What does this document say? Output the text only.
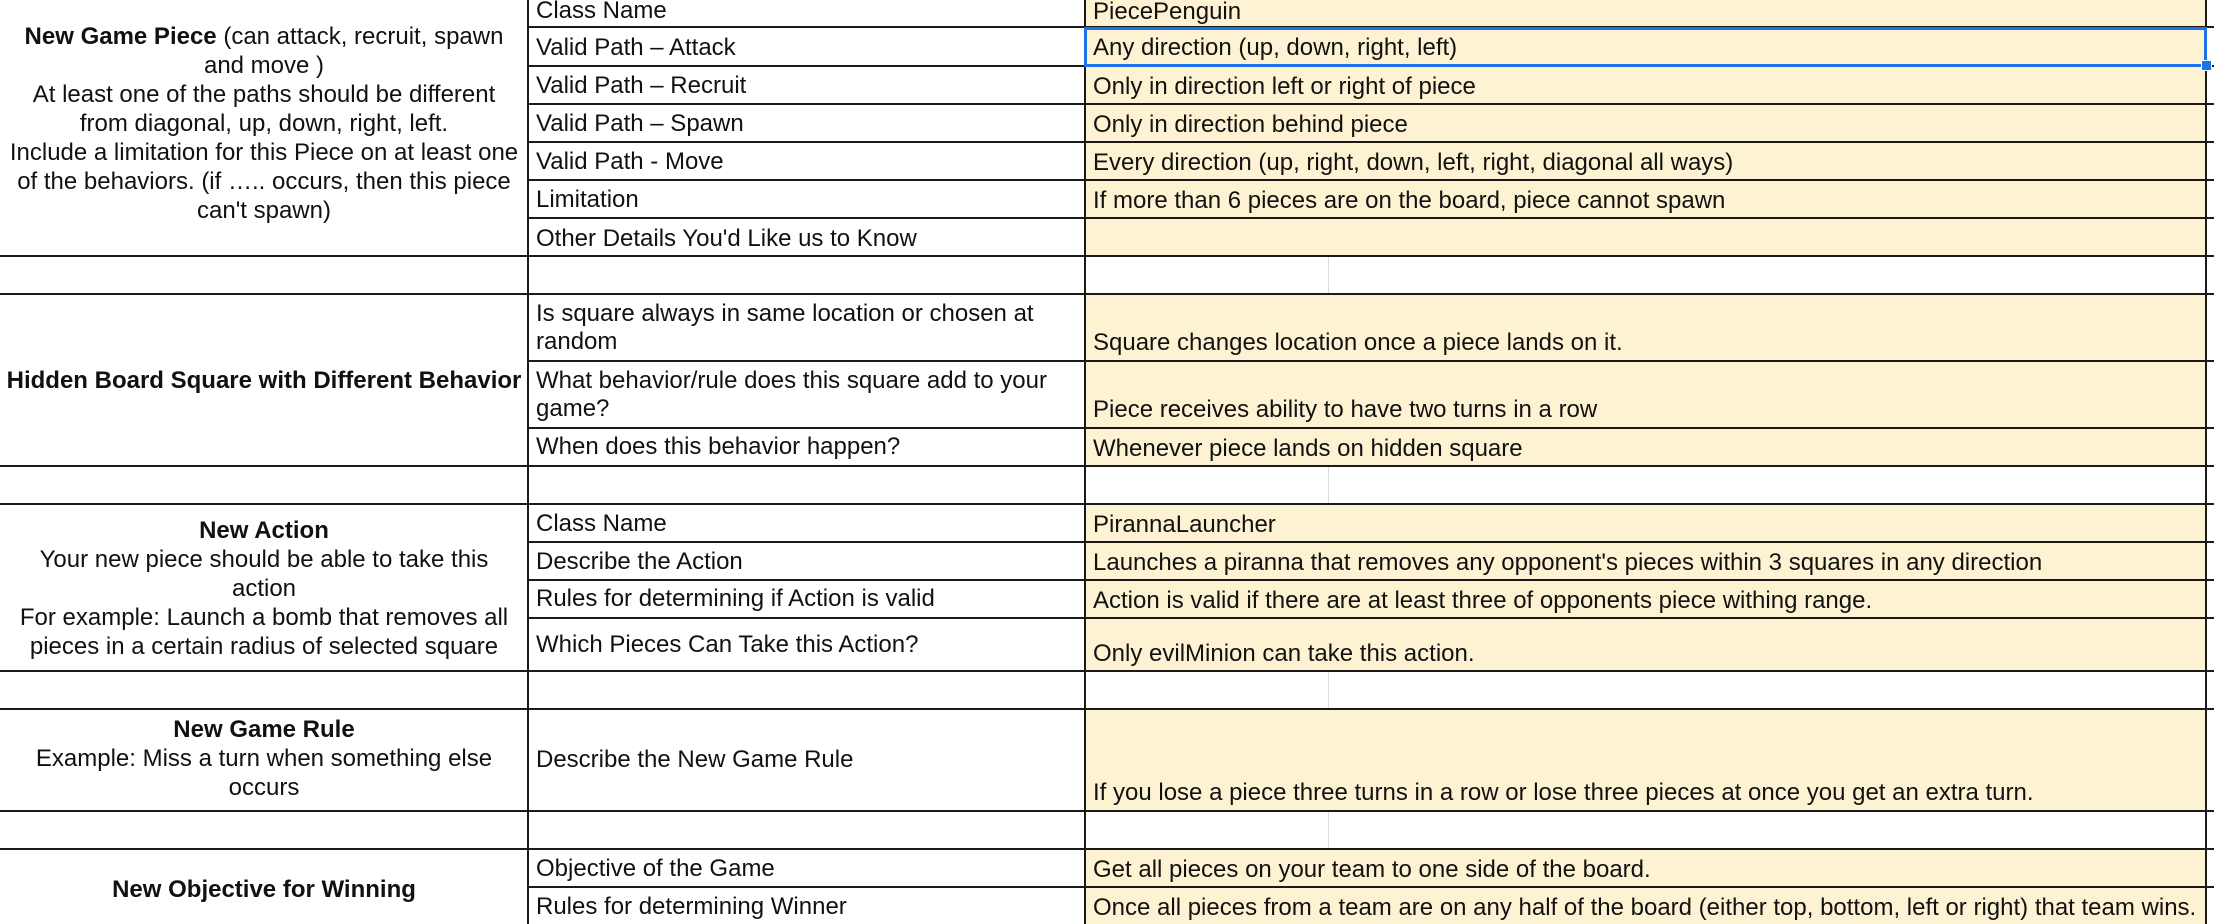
PiecePenguin
Any direction (up, down, right, left)
Only in direction left or right of piece
Only in direction behind piece
Every direction (up, right, down, left, right, diagonal all ways)
If more than 6 pieces are on the board, piece cannot spawn
Square changes location once a piece lands on it.
Piece receives ability to have two turns in a row
Whenever piece lands on hidden square
PirannaLauncher
Launches a piranna that removes any opponent's pieces within 3 squares in any direction
Action is valid if there are at least three of opponents piece withing range.
Only evilMinion can take this action.
If you lose a piece three turns in a row or lose three pieces at once you get an extra turn.
Get all pieces on your team to one side of the board.
Once all pieces from a team are on any half of the board (either top, bottom, left or right) that team wins.
Class Name
Valid Path – Attack
Valid Path – Recruit
Valid Path – Spawn
Valid Path - Move
Limitation
Other Details You'd Like us to Know
Is square always in same location or chosen at random
What behavior/rule does this square add to your game?
When does this behavior happen?
Class Name
Describe the Action
Rules for determining if Action is valid
Which Pieces Can Take this Action?
Describe the New Game Rule
Objective of the Game
Rules for determining Winner
New Game Piece (can attack, recruit, spawn and move )
At least one of the paths should be different from diagonal, up, down, right, left.
Include a limitation for this Piece on at least one of the behaviors. (if ….. occurs, then this piece can't spawn)
Hidden Board Square with Different Behavior
New Action
Your new piece should be able to take this action
For example: Launch a bomb that removes all pieces in a certain radius of selected square
New Game Rule
Example: Miss a turn when something else occurs
New Objective for Winning
